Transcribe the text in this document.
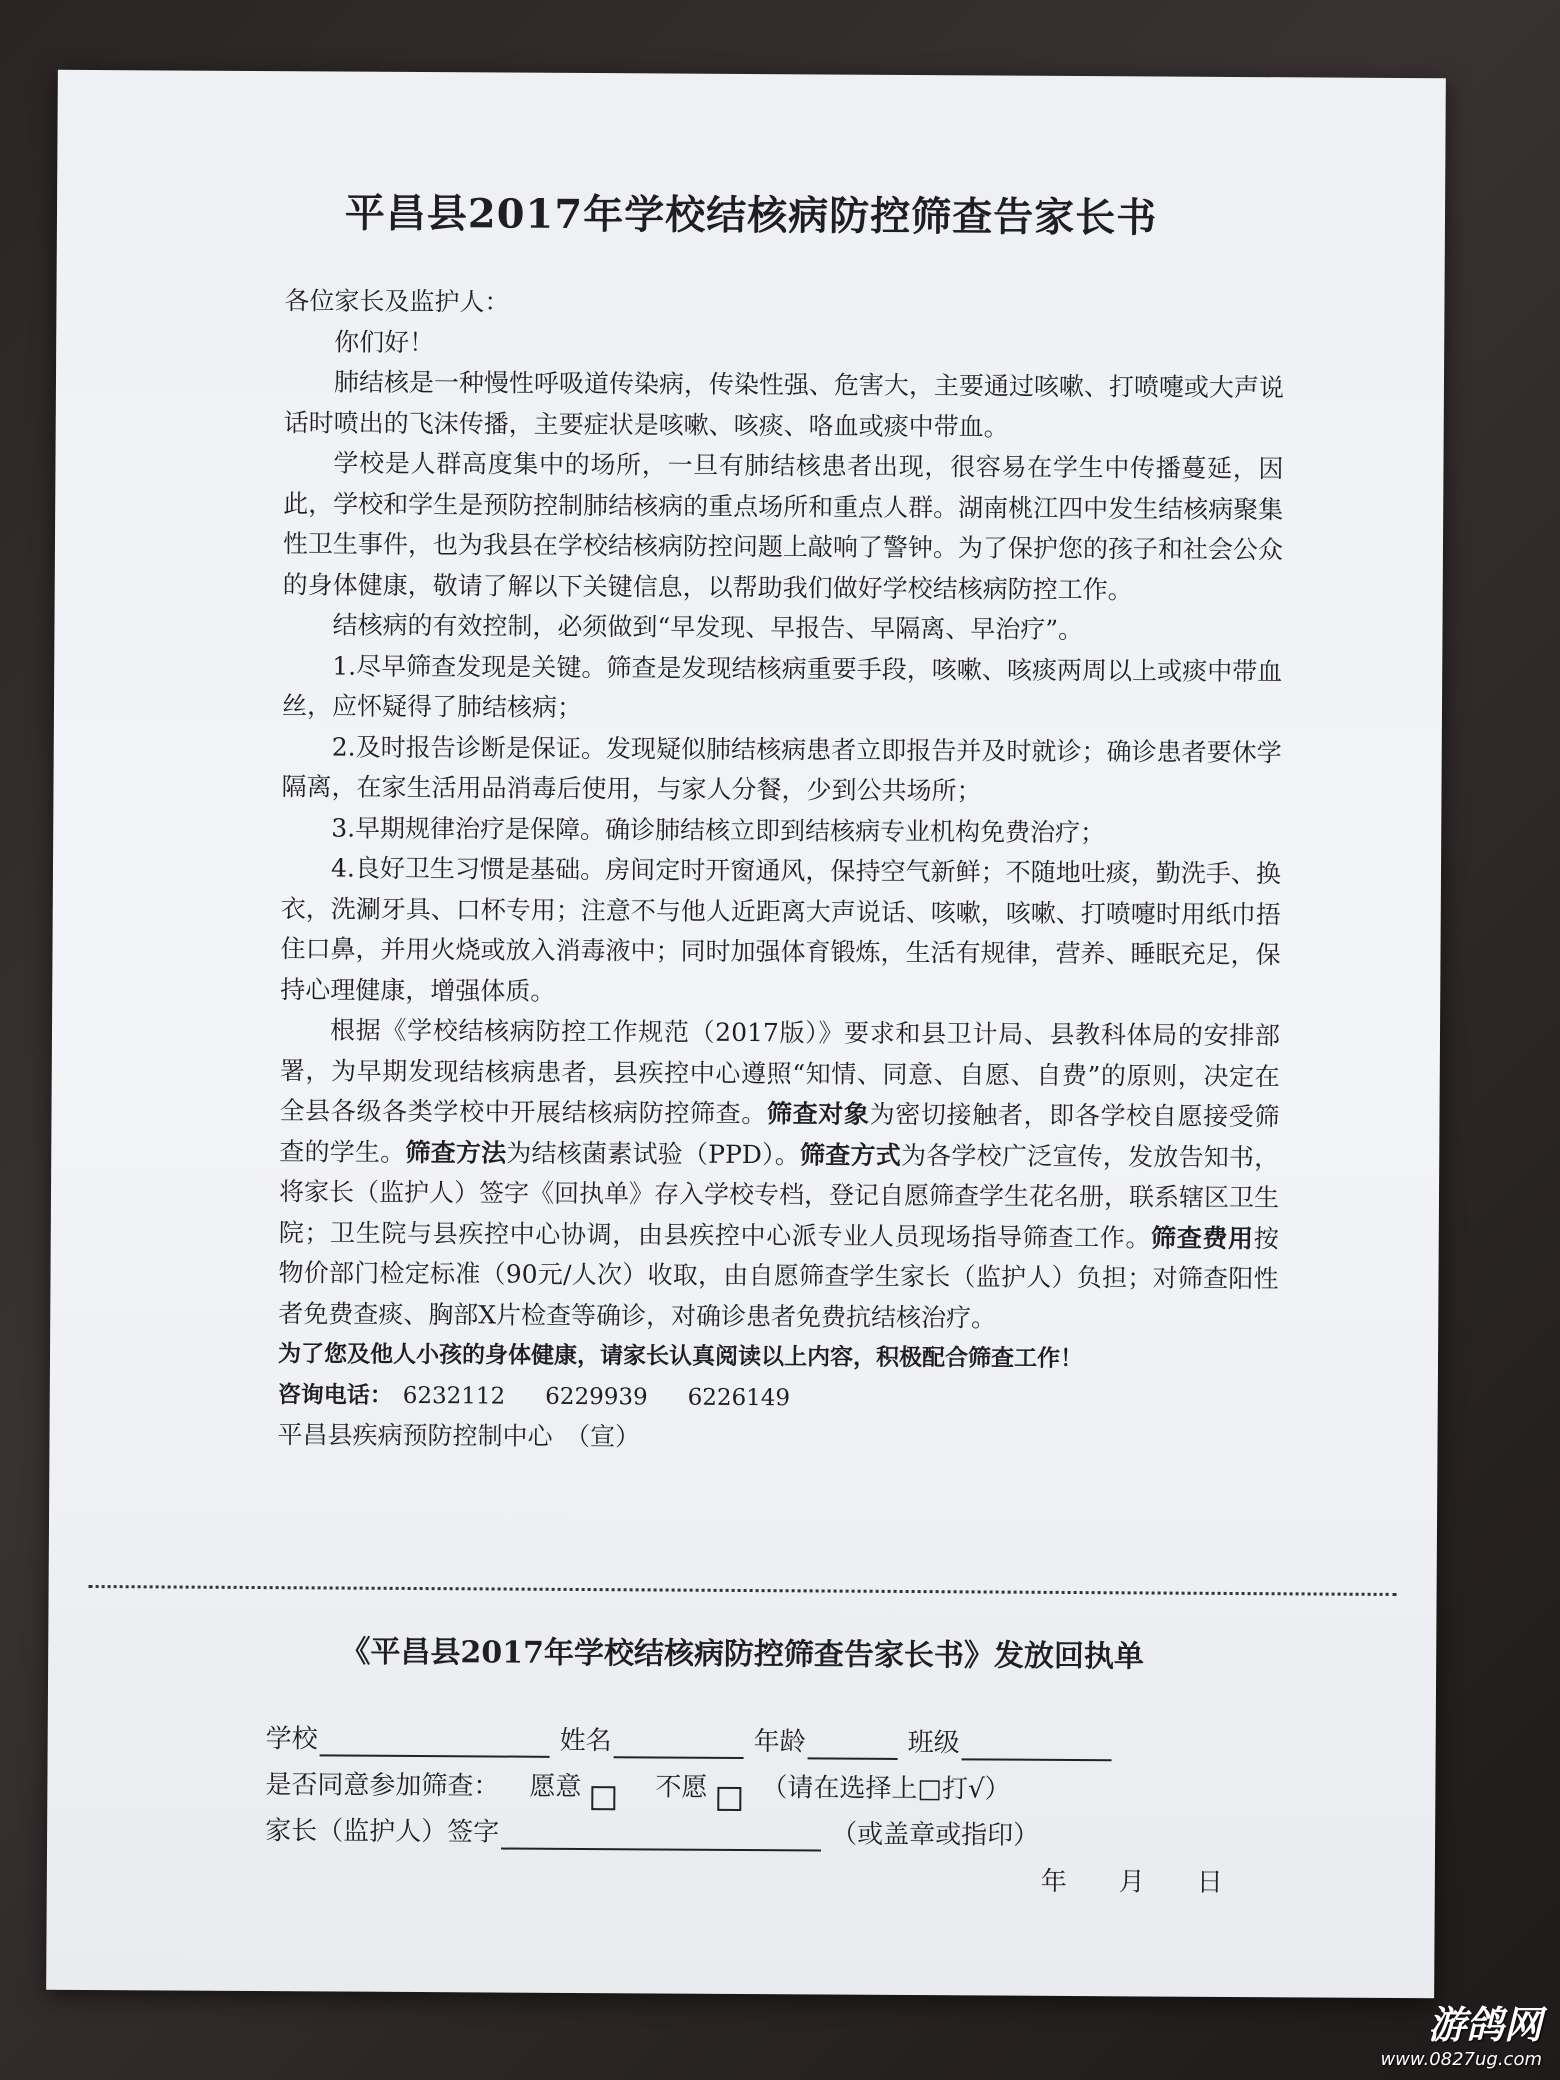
平昌县2017年学校结核病防控筛查告家长书

各位家长及监护人：

你们好！

肺结核是一种慢性呼吸道传染病，传染性强、危害大，主要通过咳嗽、打喷嚏或大声说话时喷出的飞沫传播，主要症状是咳嗽、咳痰、咯血或痰中带血。

学校是人群高度集中的场所，一旦有肺结核患者出现，很容易在学生中传播蔓延，因此，学校和学生是预防控制肺结核病的重点场所和重点人群。湖南桃江四中发生结核病聚集性卫生事件，也为我县在学校结核病防控问题上敲响了警钟。为了保护您的孩子和社会公众的身体健康，敬请了解以下关键信息，以帮助我们做好学校结核病防控工作。

结核病的有效控制，必须做到“早发现、早报告、早隔离、早治疗”。

1.尽早筛查发现是关键。筛查是发现结核病重要手段，咳嗽、咳痰两周以上或痰中带血丝，应怀疑得了肺结核病；

2.及时报告诊断是保证。发现疑似肺结核病患者立即报告并及时就诊；确诊患者要休学隔离，在家生活用品消毒后使用，与家人分餐，少到公共场所；

3.早期规律治疗是保障。确诊肺结核立即到结核病专业机构免费治疗；

4.良好卫生习惯是基础。房间定时开窗通风，保持空气新鲜；不随地吐痰，勤洗手、换衣，洗涮牙具、口杯专用；注意不与他人近距离大声说话、咳嗽，咳嗽、打喷嚏时用纸巾捂住口鼻，并用火烧或放入消毒液中；同时加强体育锻炼，生活有规律，营养、睡眠充足，保持心理健康，增强体质。

根据《学校结核病防控工作规范（2017版）》要求和县卫计局、县教科体局的安排部署，为早期发现结核病患者，县疾控中心遵照“知情、同意、自愿、自费”的原则，决定在全县各级各类学校中开展结核病防控筛查。筛查对象为密切接触者，即各学校自愿接受筛查的学生。筛查方法为结核菌素试验（PPD）。筛查方式为各学校广泛宣传，发放告知书，将家长（监护人）签字《回执单》存入学校专档，登记自愿筛查学生花名册，联系辖区卫生院；卫生院与县疾控中心协调，由县疾控中心派专业人员现场指导筛查工作。筛查费用按物价部门检定标准（90元/人次）收取，由自愿筛查学生家长（监护人）负担；对筛查阳性者免费查痰、胸部X片检查等确诊，对确诊患者免费抗结核治疗。

为了您及他人小孩的身体健康，请家长认真阅读以上内容，积极配合筛查工作！

咨询电话： 6232112 6229939 6226149

平昌县疾病预防控制中心　（宣）

《平昌县2017年学校结核病防控筛查告家长书》发放回执单
学校	姓名	年龄	班级
是否同意参加筛查： 愿意	不愿 （请在选择上□打√）
家长（监护人）签字	（或盖章或指印）
年 月 日
游鸽网
www.0827ug.com
